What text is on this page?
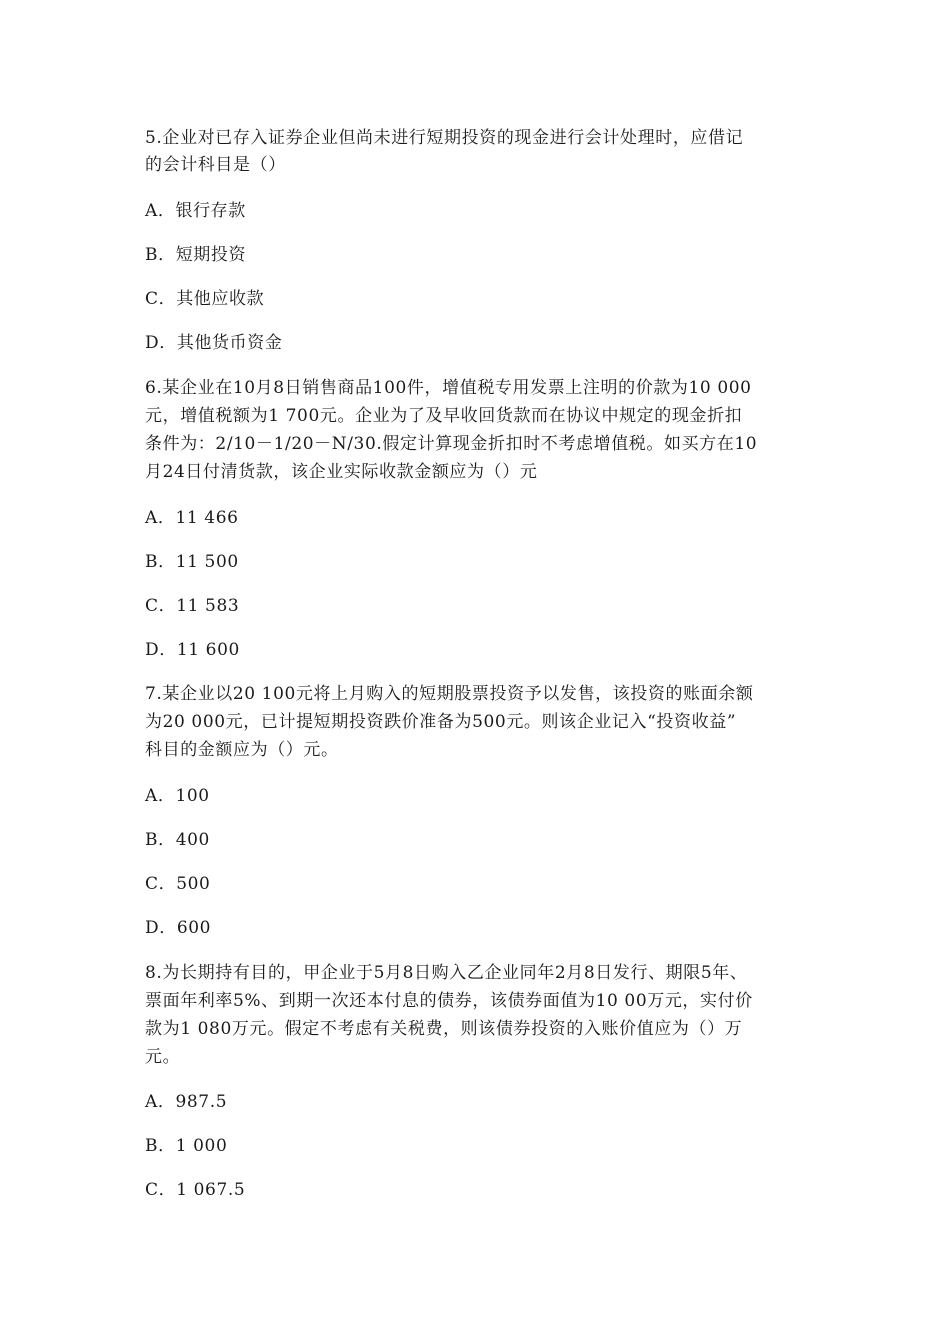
5.企业对已存入证券企业但尚未进行短期投资的现金进行会计处理时，应借记
的会计科目是（）
A．银行存款
B．短期投资
C．其他应收款
D．其他货币资金
6.某企业在10月8日销售商品100件，增值税专用发票上注明的价款为10 000
元，增值税额为1 700元。企业为了及早收回货款而在协议中规定的现金折扣
条件为：2/10－1/20－N/30.假定计算现金折扣时不考虑增值税。如买方在10
月24日付清货款，该企业实际收款金额应为（）元
A．11 466
B．11 500
C．11 583
D．11 600
7.某企业以20 100元将上月购入的短期股票投资予以发售，该投资的账面余额
为20 000元，已计提短期投资跌价准备为500元。则该企业记入“投资收益”
科目的金额应为（）元。
A．100
B．400
C．500
D．600
8.为长期持有目的，甲企业于5月8日购入乙企业同年2月8日发行、期限5年、
票面年利率5%、到期一次还本付息的债券，该债券面值为10 00万元，实付价
款为1 080万元。假定不考虑有关税费，则该债券投资的入账价值应为（）万
元。
A．987.5
B．1 000
C．1 067.5
